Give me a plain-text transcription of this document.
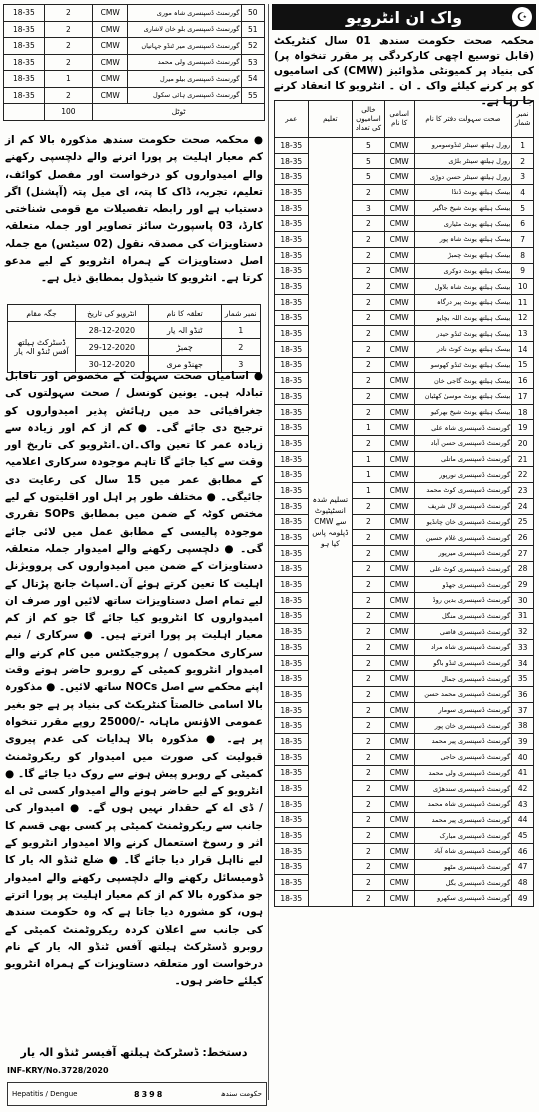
واک ان انٹرویو	☪
محکمہ صحت حکومت سندھ 01 سال کنٹریکٹ (قابل توسیع اچھی کارکردگی پر مقرر تنخواہ پر) کی بنیاد پر کمیونٹی مڈوائیز (CMW) کی اسامیوں کو پر کرنے کیلئے واک ۔ ان ۔ انٹرویو کا انعقاد کرنے جا رہا ہے۔
عمر	تعلیم	خالی اسامیوں کی تعداد	اسامی کا نام	صحت سہولت دفتر کا نام	نمبر شمار
18-35	تسلیم شدہ انسٹیٹیوٹ سے CMW ڈپلومہ پاس کیا ہو	5	CMW	رورل ہیلتھ سینٹر ٹنڈوسومرو	1
18-35		5	CMW	رورل ہیلتھ سینٹر بلڑی	2
18-35		5	CMW	رورل ہیلتھ سینٹر حسن دوڑی	3
18-35		2	CMW	بیسک ہیلتھ یونٹ ڈنڈا	4
18-35		3	CMW	بیسک ہیلتھ یونٹ شیخ جاگیر	5
18-35		2	CMW	بیسک ہیلتھ یونٹ مٹیاری	6
18-35		2	CMW	بیسک ہیلتھ یونٹ شاہ پور	7
18-35		2	CMW	بیسک ہیلتھ یونٹ چمبڑ	8
18-35		2	CMW	بیسک ہیلتھ یونٹ دوکری	9
18-35		2	CMW	بیسک ہیلتھ یونٹ شاہ بلاول	10
18-35		2	CMW	بیسک ہیلتھ یونٹ پیر درگاہ	11
18-35		2	CMW	بیسک ہیلتھ یونٹ اللہ بچایو	12
18-35		2	CMW	بیسک ہیلتھ یونٹ ٹنڈو حیدر	13
18-35		2	CMW	بیسک ہیلتھ یونٹ کوٹ نادر	14
18-35		2	CMW	بیسک ہیلتھ یونٹ ٹنڈو کھوسو	15
18-35		2	CMW	بیسک ہیلتھ یونٹ گاجی خان	16
18-35		2	CMW	بیسک ہیلتھ یونٹ موسیٰ کھٹیان	17
18-35		2	CMW	بیسک ہیلتھ یونٹ شیخ بھرکیو	18
18-35		1	CMW	گورنمنٹ ڈسپنسری شاہ علی	19
18-35		2	CMW	گورنمنٹ ڈسپنسری حسن آباد	20
18-35		1	CMW	گورنمنٹ ڈسپنسری ماتلی	21
18-35		1	CMW	گورنمنٹ ڈسپنسری نورپور	22
18-35		1	CMW	گورنمنٹ ڈسپنسری کوٹ محمد	23
18-35		2	CMW	گورنمنٹ ڈسپنسری لال شریف	24
18-35		2	CMW	گورنمنٹ ڈسپنسری خان چانڈیو	25
18-35		2	CMW	گورنمنٹ ڈسپنسری غلام حسین	26
18-35		2	CMW	گورنمنٹ ڈسپنسری میرپور	27
18-35		2	CMW	گورنمنٹ ڈسپنسری کوٹ علی	28
18-35		2	CMW	گورنمنٹ ڈسپنسری جھڈو	29
18-35		2	CMW	گورنمنٹ ڈسپنسری بدین روڈ	30
18-35		2	CMW	گورنمنٹ ڈسپنسری منگل	31
18-35		2	CMW	گورنمنٹ ڈسپنسری قاضی	32
18-35		2	CMW	گورنمنٹ ڈسپنسری شاہ مراد	33
18-35		2	CMW	گورنمنٹ ڈسپنسری ٹنڈو باگو	34
18-35		2	CMW	گورنمنٹ ڈسپنسری جمال	35
18-35		2	CMW	گورنمنٹ ڈسپنسری محمد حسن	36
18-35		2	CMW	گورنمنٹ ڈسپنسری سومار	37
18-35		2	CMW	گورنمنٹ ڈسپنسری خان پور	38
18-35		2	CMW	گورنمنٹ ڈسپنسری پیر محمد	39
18-35		2	CMW	گورنمنٹ ڈسپنسری حاجی	40
18-35		2	CMW	گورنمنٹ ڈسپنسری ولی محمد	41
18-35		2	CMW	گورنمنٹ ڈسپنسری سندھڑی	42
18-35		2	CMW	گورنمنٹ ڈسپنسری شاہ محمد	43
18-35		2	CMW	گورنمنٹ ڈسپنسری پیر محمد	44
18-35		2	CMW	گورنمنٹ ڈسپنسری مبارک	45
18-35		2	CMW	گورنمنٹ ڈسپنسری شاہ آباد	46
18-35		2	CMW	گورنمنٹ ڈسپنسری مٹھو	47
18-35		2	CMW	گورنمنٹ ڈسپنسری بگل	48
18-35		2	CMW	گورنمنٹ ڈسپنسری سکھرو	49
18-35	2	CMW	گورنمنٹ ڈسپنسری شاہ موری	50
18-35	2	CMW	گورنمنٹ ڈسپنسری بلو خان لاشاری	51
18-35	2	CMW	گورنمنٹ ڈسپنسری میر ٹنڈو جہانیاں	52
18-35	2	CMW	گورنمنٹ ڈسپنسری ولی محمد	53
18-35	1	CMW	گورنمنٹ ڈسپنسری بیلو میرل	54
18-35	2	CMW	گورنمنٹ ڈسپنسری ہائی سکول	55
	100	ٹوٹل		
● محکمہ صحت حکومت سندھ مذکورہ بالا کم از کم معیار اہلیت پر پورا اترنے والے دلچسپی رکھنے والے امیدواروں کو درخواست اور مفصل کوائف، تعلیم، تجربہ، ڈاک کا پتہ، ای میل پتہ (آپشنل) اگر دستیاب ہے اور رابطہ تفصیلات مع قومی شناختی کارڈ، 03 پاسپورٹ سائز تصاویر اور جملہ متعلقہ دستاویزات کی مصدقہ نقول (02 سیٹس) مع جملہ اصل دستاویزات کے ہمراہ انٹرویو کے لیے مدعو کرتا ہے۔ انٹرویو کا شیڈول بمطابق ذیل ہے۔
جگہ مقام	انٹرویو کی تاریخ	تعلقہ کا نام	نمبر شمار
ڈسٹرکٹ ہیلتھ آفس ٹنڈو الہ یار	28-12-2020	ٹنڈو الہ یار	1
	29-12-2020	چمبڑ	2
	30-12-2020	جھنڈو مری	3
● اسامیاں صحت سہولت کے مخصوص اور ناقابل تبادلہ ہیں۔ یونین کونسل / صحت سہولتوں کی جغرافیائی حد میں رہائش پذیر امیدواروں کو ترجیح دی جائے گی۔ ● کم از کم اور زیادہ سے زیادہ عمر کا تعین واک۔ان۔انٹرویو کی تاریخ اور وقت سے کیا جائے گا تاہم موجودہ سرکاری اعلامیہ کے مطابق عمر میں 15 سال کی رعایت دی جائیگی۔ ● مختلف طور پر اہل اور اقلیتوں کے لیے مختص کوٹہ کے ضمن میں بمطابق SOPs تقرری موجودہ پالیسی کے مطابق عمل میں لائی جائے گی۔ ● دلچسپی رکھنے والے امیدوار جملہ متعلقہ دستاویزات کے ضمن میں امیدواروں کی پروویژنل اہلیت کا تعین کرتے ہوئے آن۔اسپاٹ جانچ پڑتال کے لیے تمام اصل دستاویزات ساتھ لائیں اور صرف ان امیدواروں کا انٹرویو کیا جائے گا جو کم از کم معیار اہلیت پر پورا اترتے ہیں۔ ● سرکاری / نیم سرکاری محکموں / پروجیکٹس میں کام کرنے والے امیدوار انٹرویو کمیٹی کے روبرو حاضر ہوتے وقت اپنے محکمے سے اصل NOCs ساتھ لائیں۔ ● مذکورہ بالا اسامی خالصتاً کنٹریکٹ کی بنیاد پر ہے جو بغیر عمومی الاؤنس ماہانہ -/25000 روپے مقرر تنخواہ پر ہے۔ ● مذکورہ بالا ہدایات کی عدم پیروی قبولیت کی صورت میں امیدوار کو ریکروٹمنٹ کمیٹی کے روبرو پیش ہونے سے روک دیا جائے گا۔ ● انٹرویو کے لیے حاضر ہونے والے امیدوار کسی ٹی اے / ڈی اے کے حقدار نہیں ہوں گے۔ ● امیدوار کی جانب سے ریکروٹمنٹ کمیٹی پر کسی بھی قسم کا اثر و رسوخ استعمال کرنے والا امیدوار انٹرویو کے لیے نااہل قرار دیا جائے گا۔ ● ضلع ٹنڈو الہ یار کا ڈومیسائل رکھنے والے دلچسپی رکھنے والے امیدوار جو مذکورہ بالا کم از کم معیار اہلیت پر پورا اترتے ہوں، کو مشورہ دیا جاتا ہے کہ وہ حکومت سندھ کی جانب سے اعلان کردہ ریکروٹمنٹ کمیٹی کے روبرو ڈسٹرکٹ ہیلتھ آفس ٹنڈو الہ یار کے نام درخواست اور متعلقہ دستاویزات کے ہمراہ انٹرویو کیلئے حاضر ہوں۔
دستخط: ڈسٹرکٹ ہیلتھ آفیسر ٹنڈو الہ یار
INF-KRY/No.3728/2020
Hepatitis / Dengue	8398	حکومت سندھ
